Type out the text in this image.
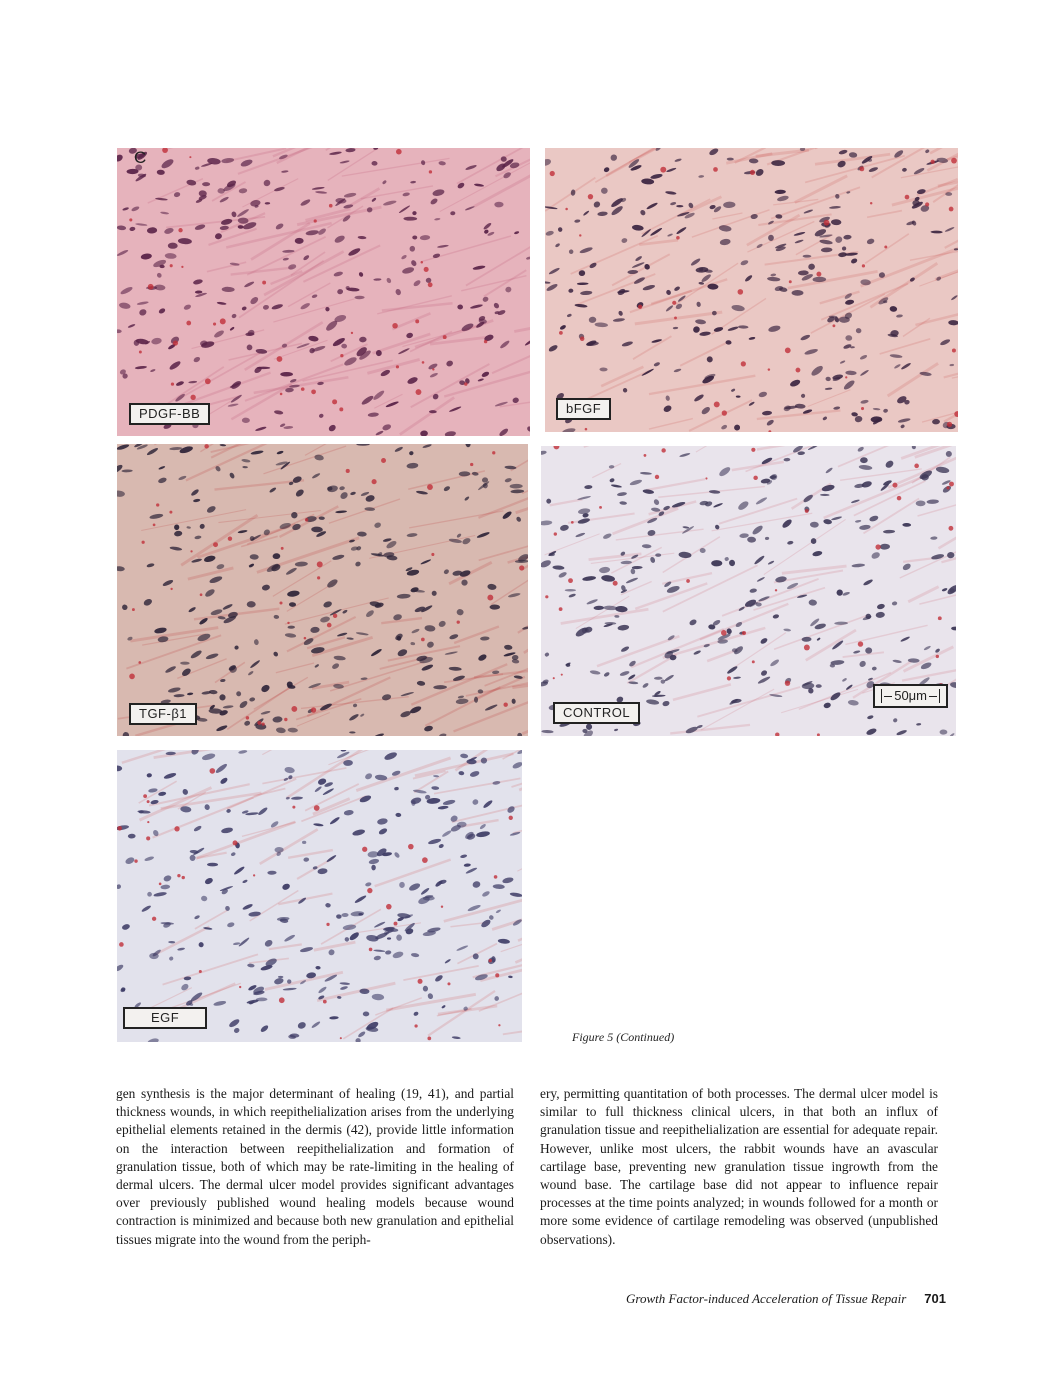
PDGF-BB
C
bFGF
TGF-β1	CONTROL
50μm
EGF
Figure 5 (Continued)
gen synthesis is the major determinant of healing (19, 41), and partial thickness wounds, in which reepithelialization arises from the underlying epithelial elements retained in the dermis (42), provide little information on the interaction between reepithelialization and formation of granulation tissue, both of which may be rate-limiting in the healing of dermal ulcers. The dermal ulcer model provides significant advantages over previously published wound healing models because wound contraction is minimized and because both new granulation and epithelial tissues migrate into the wound from the periph-
ery, permitting quantitation of both processes. The dermal ulcer model is similar to full thickness clinical ulcers, in that both an influx of granulation tissue and reepithelialization are essential for adequate repair. However, unlike most ulcers, the rabbit wounds have an avascular cartilage base, preventing new granulation tissue ingrowth from the wound base. The cartilage base did not appear to influence repair processes at the time points analyzed; in wounds followed for a month or more some evidence of cartilage remodeling was observed (unpublished observations).
Growth Factor-induced Acceleration of Tissue Repair 701
